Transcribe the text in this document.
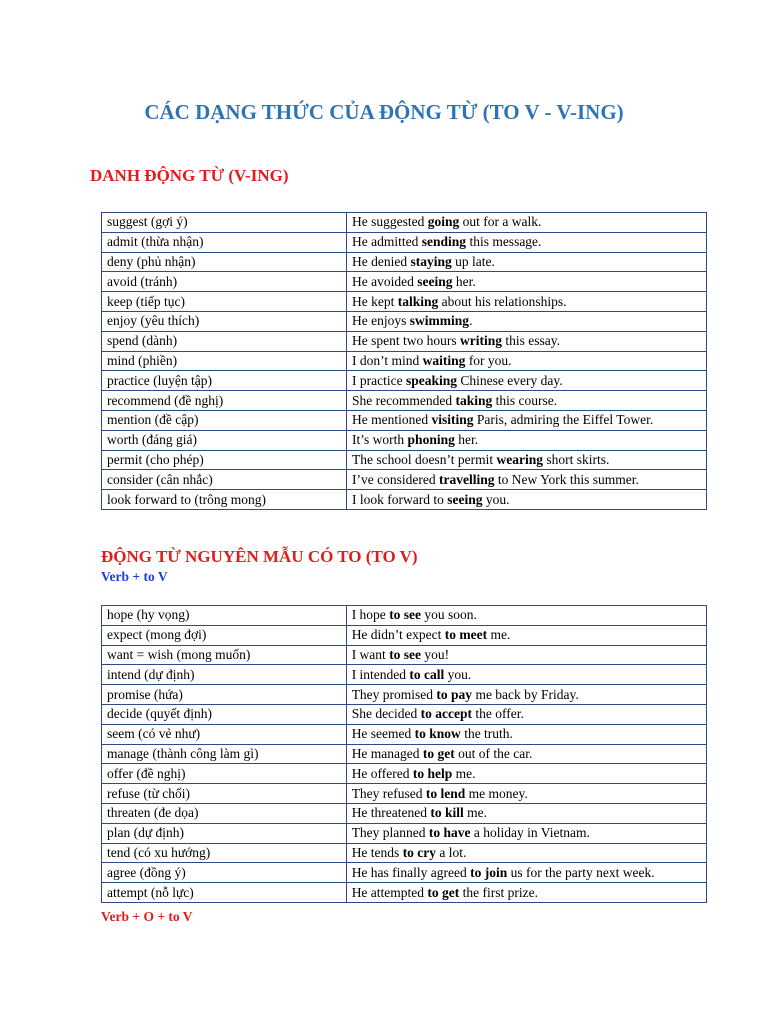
CÁC DẠNG THỨC CỦA ĐỘNG TỪ (TO V - V-ING)
DANH ĐỘNG TỪ (V-ING)
suggest (gợi ý)	He suggested going out for a walk.
admit (thừa nhận)	He admitted sending this message.
deny (phủ nhận)	He denied staying up late.
avoid (tránh)	He avoided seeing her.
keep (tiếp tục)	He kept talking about his relationships.
enjoy (yêu thích)	He enjoys swimming.
spend (dành)	He spent two hours writing this essay.
mind (phiền)	I don’t mind waiting for you.
practice (luyện tập)	I practice speaking Chinese every day.
recommend (đề nghị)	She recommended taking this course.
mention (đề cập)	He mentioned visiting Paris, admiring the Eiffel Tower.
worth (đáng giá)	It’s worth phoning her.
permit (cho phép)	The school doesn’t permit wearing short skirts.
consider (cân nhắc)	I’ve considered travelling to New York this summer.
look forward to (trông mong)	I look forward to seeing you.
ĐỘNG TỪ NGUYÊN MẪU CÓ TO (TO V)
Verb + to V
hope (hy vọng)	I hope to see you soon.
expect (mong đợi)	He didn’t expect to meet me.
want = wish (mong muốn)	I want to see you!
intend (dự định)	I intended to call you.
promise (hứa)	They promised to pay me back by Friday.
decide (quyết định)	She decided to accept the offer.
seem (có vẻ như)	He seemed to know the truth.
manage (thành công làm gì)	He managed to get out of the car.
offer (đề nghị)	He offered to help me.
refuse (từ chối)	They refused to lend me money.
threaten (đe dọa)	He threatened to kill me.
plan (dự định)	They planned to have a holiday in Vietnam.
tend (có xu hướng)	He tends to cry a lot.
agree (đồng ý)	He has finally agreed to join us for the party next week.
attempt (nỗ lực)	He attempted to get the first prize.
Verb + O + to V
